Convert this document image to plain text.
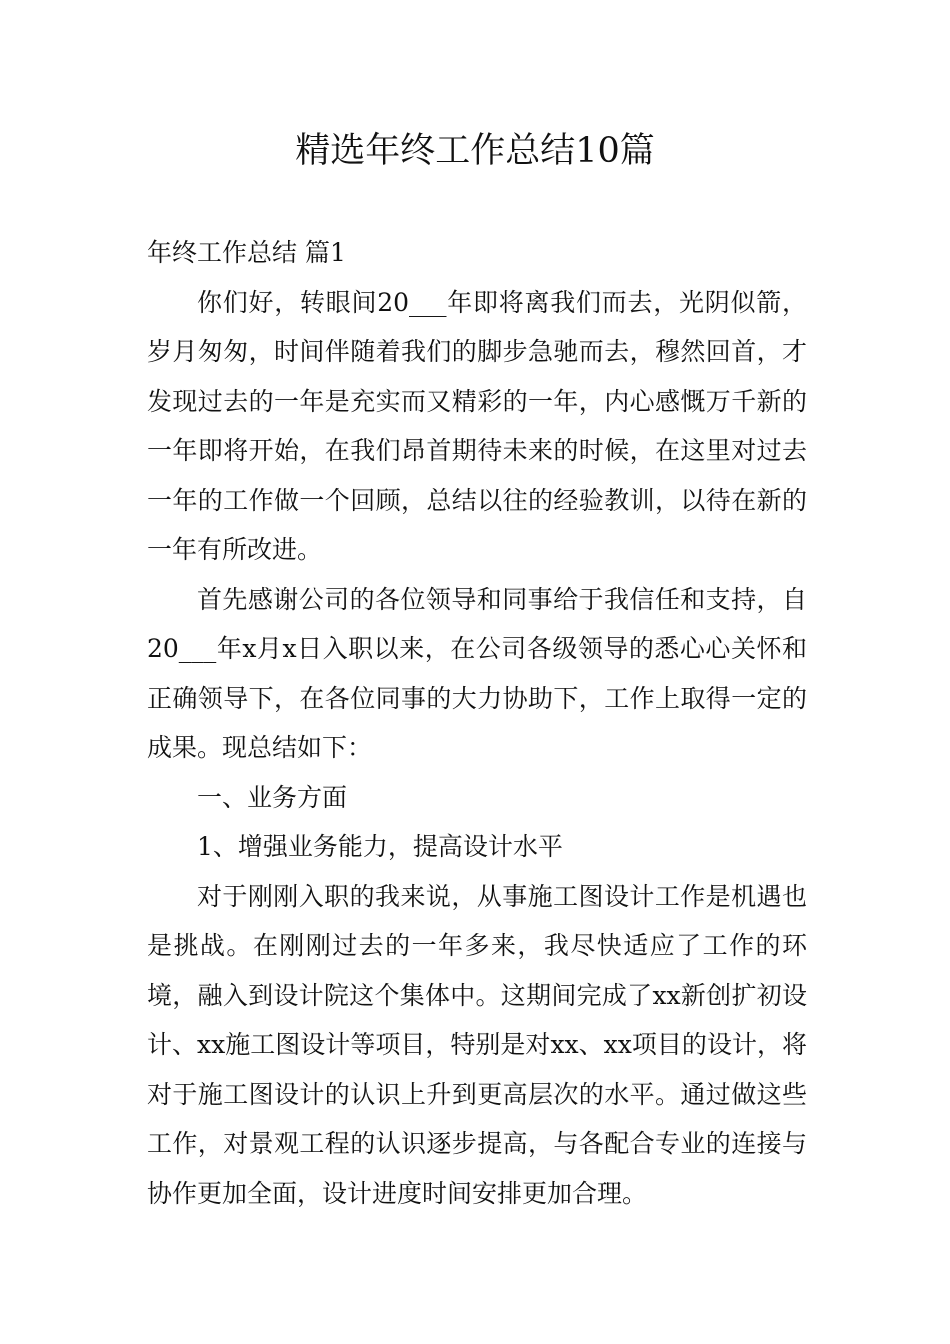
精选年终工作总结10篇

年终工作总结 篇1

你们好，转眼间20___年即将离我们而去，光阴似箭，岁月匆匆，时间伴随着我们的脚步急驰而去，穆然回首，才发现过去的一年是充实而又精彩的一年，内心感慨万千新的一年即将开始，在我们昂首期待未来的时候，在这里对过去一年的工作做一个回顾，总结以往的经验教训，以待在新的一年有所改进。

首先感谢公司的各位领导和同事给于我信任和支持，自20___年x月x日入职以来，在公司各级领导的悉心心关怀和正确领导下，在各位同事的大力协助下，工作上取得一定的成果。现总结如下：

一、业务方面

1、增强业务能力，提高设计水平

对于刚刚入职的我来说，从事施工图设计工作是机遇也是挑战。在刚刚过去的一年多来，我尽快适应了工作的环境，融入到设计院这个集体中。这期间完成了xx新创扩初设计、xx施工图设计等项目，特别是对xx、xx项目的设计，将对于施工图设计的认识上升到更高层次的水平。通过做这些工作，对景观工程的认识逐步提高，与各配合专业的连接与协作更加全面，设计进度时间安排更加合理。
